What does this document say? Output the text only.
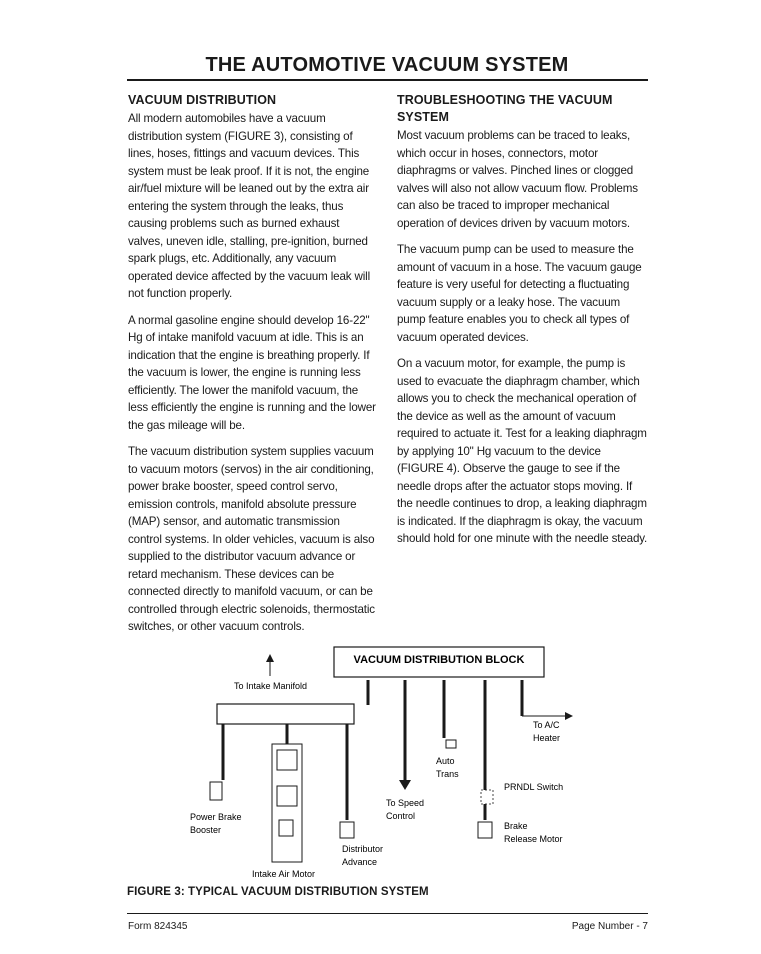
THE AUTOMOTIVE VACUUM SYSTEM
VACUUM DISTRIBUTION

All modern automobiles have a vacuum distribution system (FIGURE 3), consisting of lines, hoses, fittings and vacuum devices. This system must be leak proof. If it is not, the engine air/fuel mixture will be leaned out by the extra air entering the system through the leaks, thus causing problems such as burned exhaust valves, uneven idle, stalling, pre-ignition, burned spark plugs, etc. Additionally, any vacuum operated device affected by the vacuum leak will not function properly.

A normal gasoline engine should develop 16-22" Hg of intake manifold vacuum at idle. This is an indication that the engine is breathing properly. If the vacuum is lower, the engine is running less efficiently. The lower the manifold vacuum, the less efficiently the engine is running and the lower the gas mileage will be.

The vacuum distribution system supplies vacuum to vacuum motors (servos) in the air conditioning, power brake booster, speed control servo, emission controls, manifold absolute pressure (MAP) sensor, and automatic transmission control systems. In older vehicles, vacuum is also supplied to the distributor vacuum advance or retard mechanism. These devices can be connected directly to manifold vacuum, or can be controlled through electric solenoids, thermostatic switches, or other vacuum controls.

TROUBLESHOOTING THE VACUUM SYSTEM

Most vacuum problems can be traced to leaks, which occur in hoses, connectors, motor diaphragms or valves. Pinched lines or clogged valves will also not allow vacuum flow. Problems can also be traced to improper mechanical operation of devices driven by vacuum motors.

The vacuum pump can be used to measure the amount of vacuum in a hose. The vacuum gauge feature is very useful for detecting a fluctuating vacuum supply or a leaky hose. The vacuum pump feature enables you to check all types of vacuum operated devices.

On a vacuum motor, for example, the pump is used to evacuate the diaphragm chamber, which allows you to check the mechanical operation of the device as well as the amount of vacuum required to actuate it. Test for a leaking diaphragm by applying 10" Hg vacuum to the device (FIGURE 4). Observe the gauge to see if the needle drops after the actuator stops moving. If the needle continues to drop, a leaking diaphragm is indicated. If the diaphragm is okay, the vacuum should hold for one minute with the needle steady.

VACUUM DISTRIBUTION BLOCK
To Intake Manifold
Intake Air Motor
Power Brake Booster
Distributor Advance
To Speed Control
Auto Trans
PRNDL Switch
Brake Release Motor
To A/C Heater
FIGURE 3: TYPICAL VACUUM DISTRIBUTION SYSTEM
Form 824345	Page Number - 7
